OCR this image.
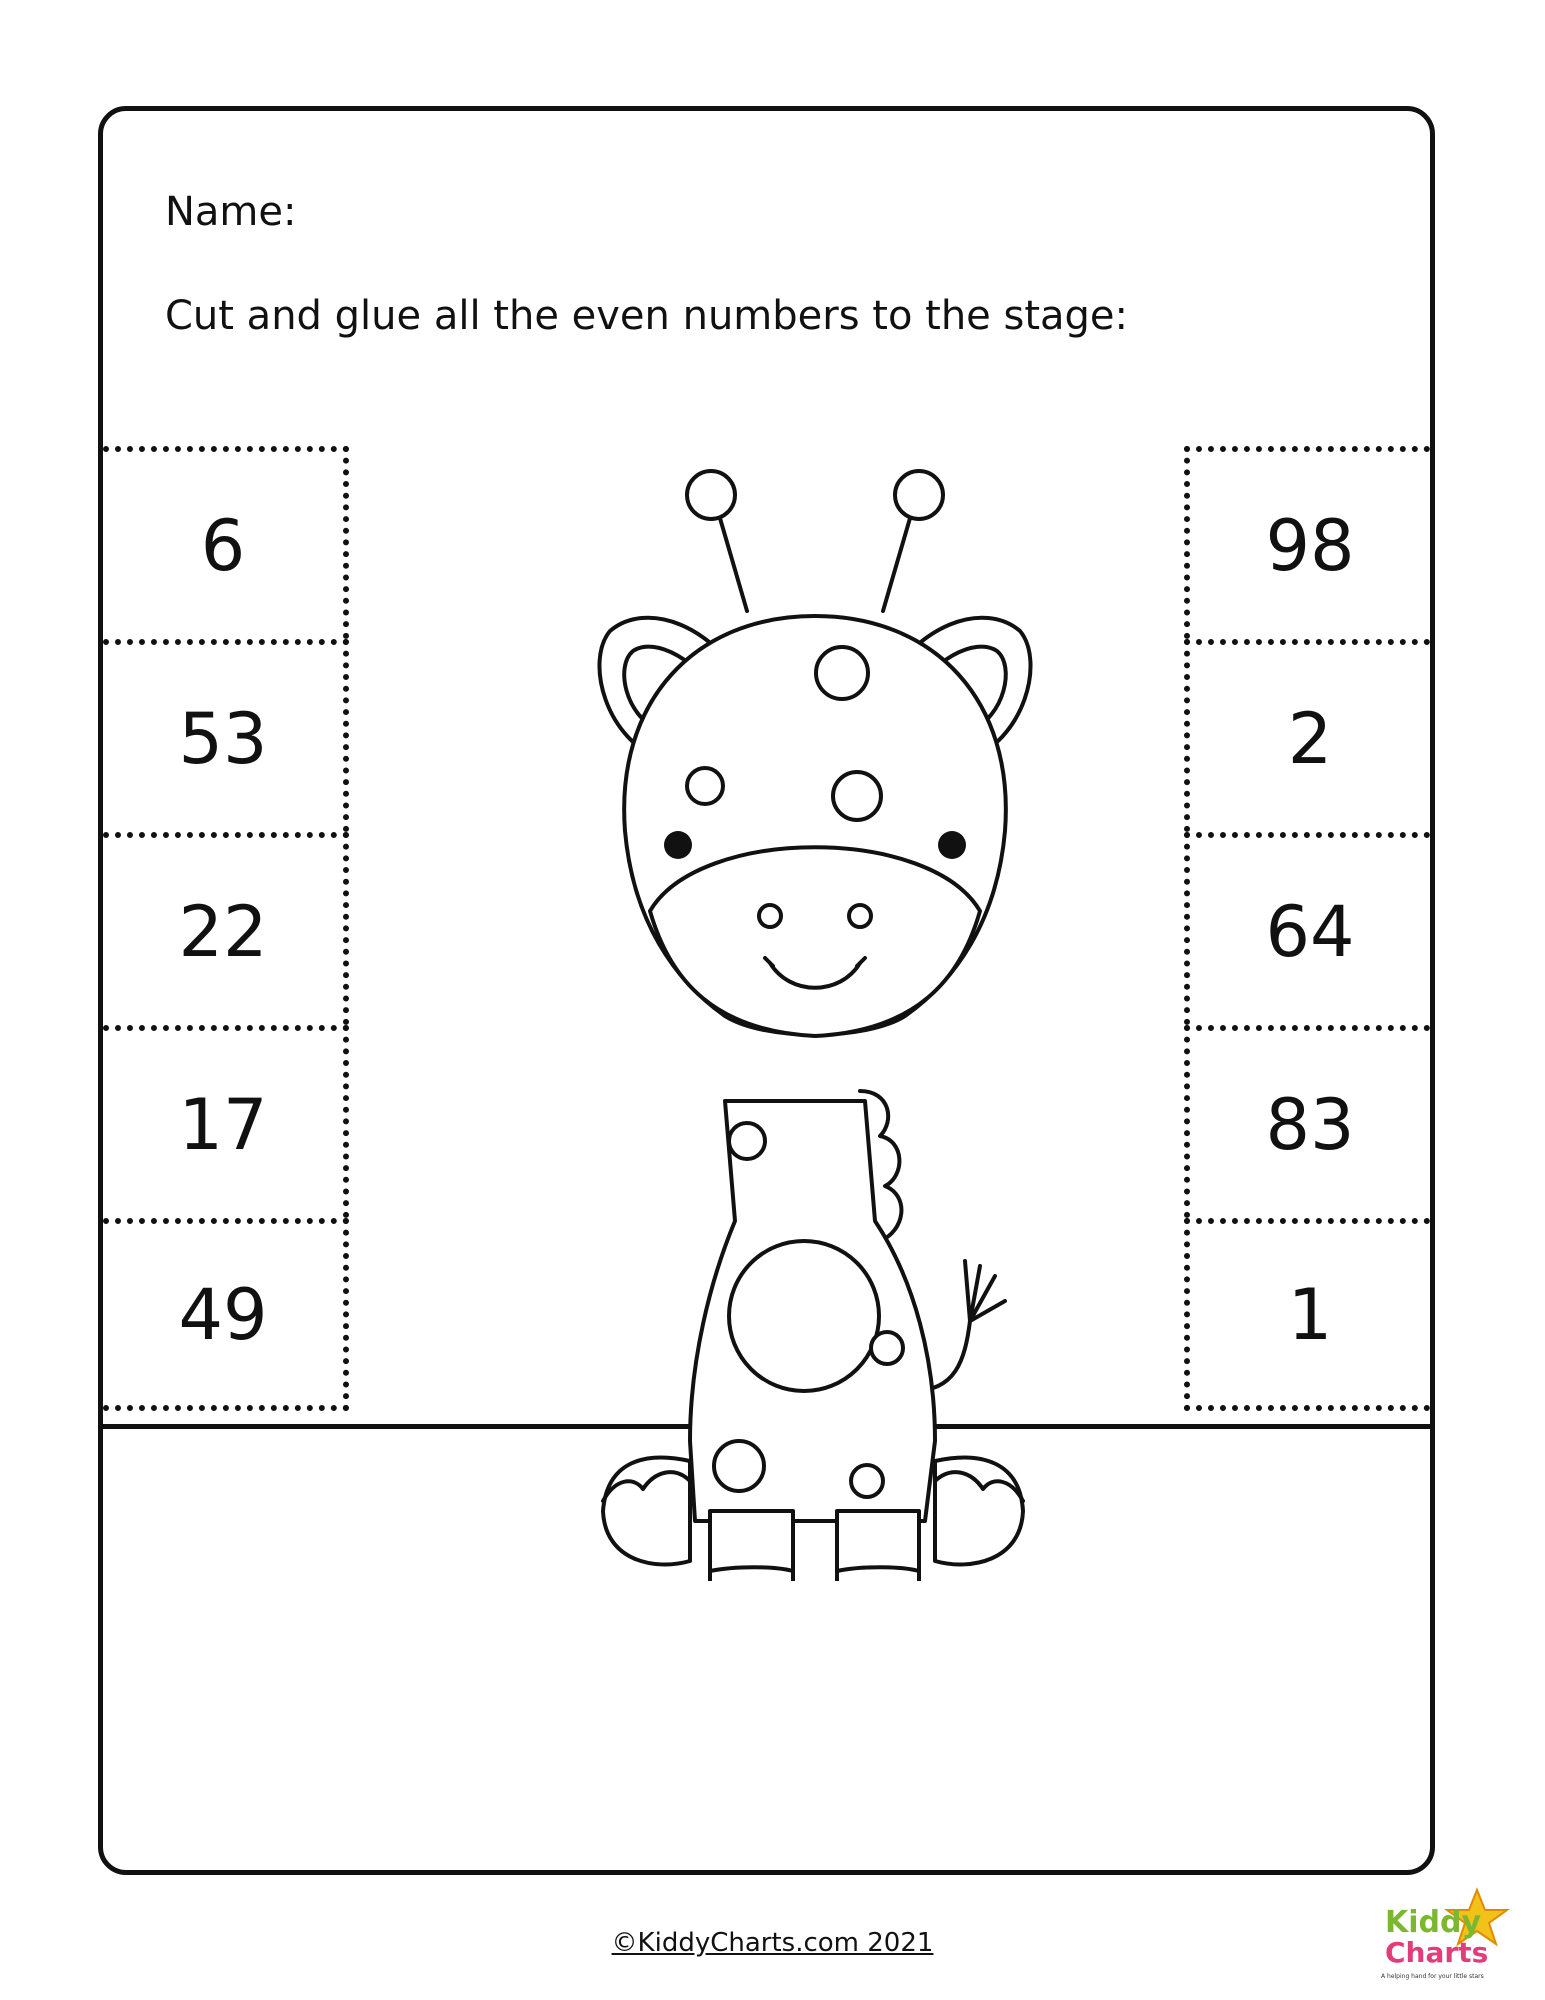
Name:
Cut and glue all the even numbers to the stage:
6
53
22
17
49
98
2
64
83
1
©KiddyCharts.com 2021
Kiddy
Charts
A helping hand for your little stars
